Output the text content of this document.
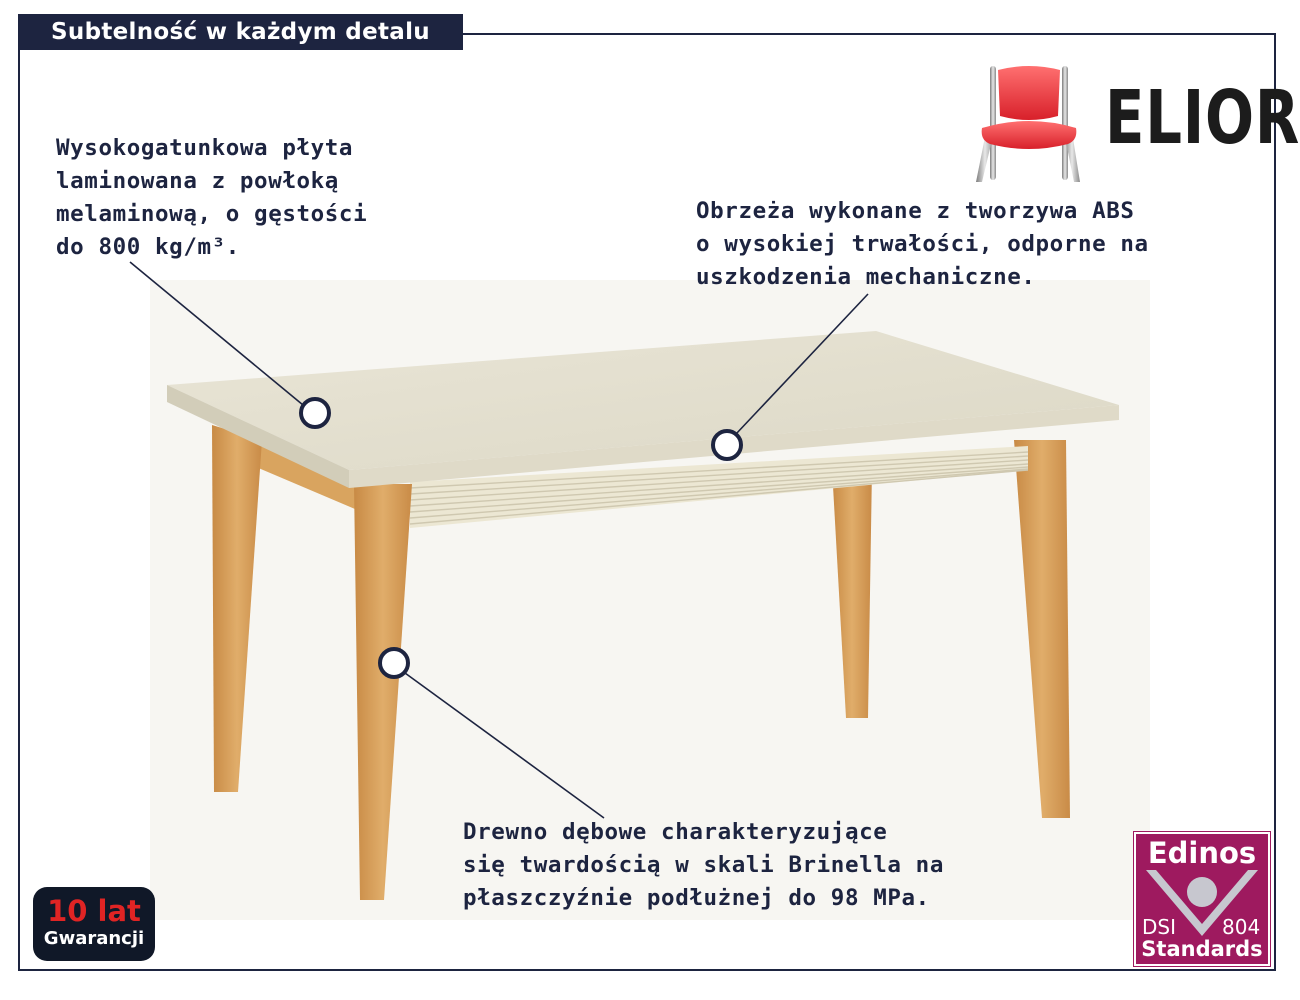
Subtelność w każdym detalu

Wysokogatunkowa płyta
laminowana z powłoką
melaminową, o gęstości
do 800 kg/m³.

Obrzeża wykonane z tworzywa ABS
o wysokiej trwałości, odporne na
uszkodzenia mechaniczne.

Drewno dębowe charakteryzujące
się twardością w skali Brinella na
płaszczyźnie podłużnej do 98 MPa.

ELIOR
10 lat
Gwarancji
Edinos
DSI 804
Standards
